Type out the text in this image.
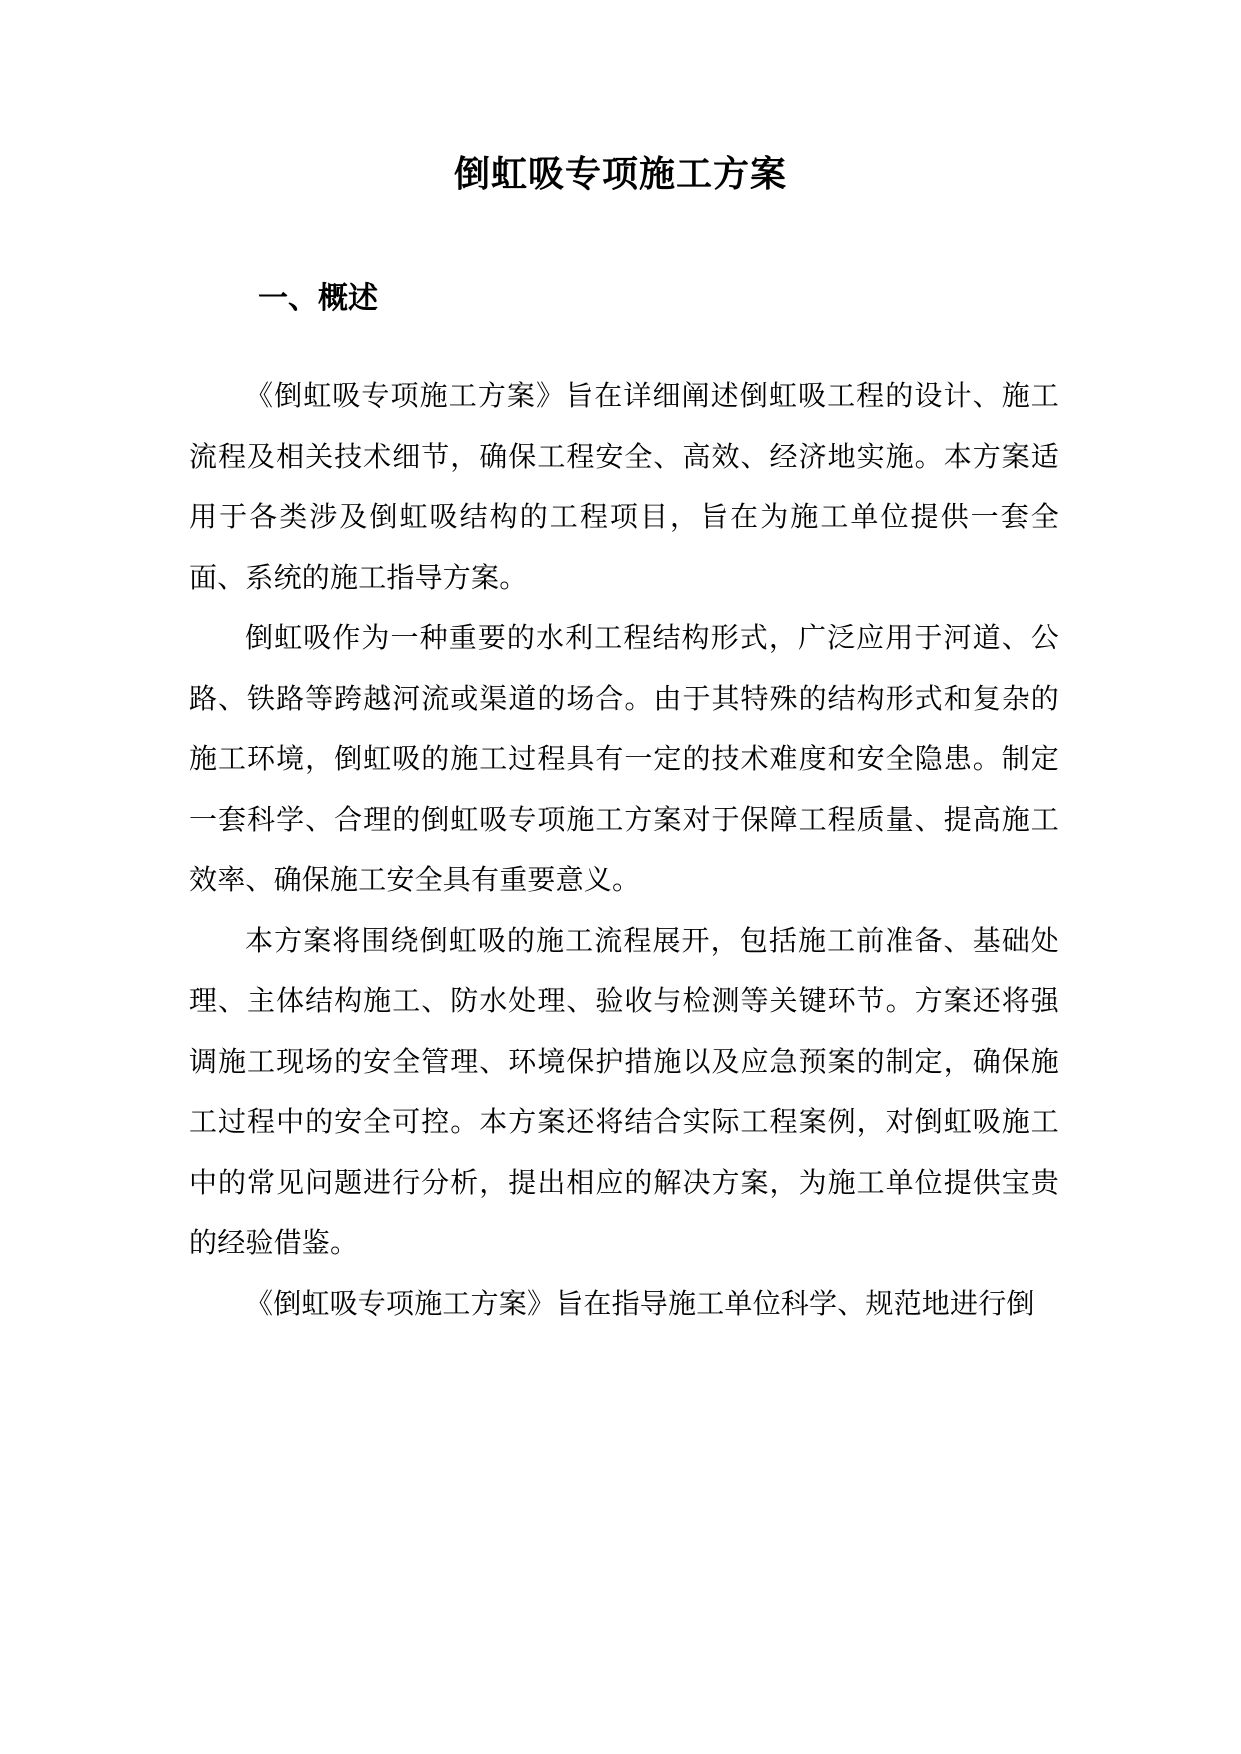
倒虹吸专项施工方案
一、概述

《倒虹吸专项施工方案》旨在详细阐述倒虹吸工程的设计、施工流程及相关技术细节，确保工程安全、高效、经济地实施。本方案适用于各类涉及倒虹吸结构的工程项目，旨在为施工单位提供一套全面、系统的施工指导方案。

倒虹吸作为一种重要的水利工程结构形式，广泛应用于河道、公路、铁路等跨越河流或渠道的场合。由于其特殊的结构形式和复杂的施工环境，倒虹吸的施工过程具有一定的技术难度和安全隐患。制定一套科学、合理的倒虹吸专项施工方案对于保障工程质量、提高施工效率、确保施工安全具有重要意义。

本方案将围绕倒虹吸的施工流程展开，包括施工前准备、基础处理、主体结构施工、防水处理、验收与检测等关键环节。方案还将强调施工现场的安全管理、环境保护措施以及应急预案的制定，确保施工过程中的安全可控。本方案还将结合实际工程案例，对倒虹吸施工中的常见问题进行分析，提出相应的解决方案，为施工单位提供宝贵的经验借鉴。

《倒虹吸专项施工方案》旨在指导施工单位科学、规范地进行倒
